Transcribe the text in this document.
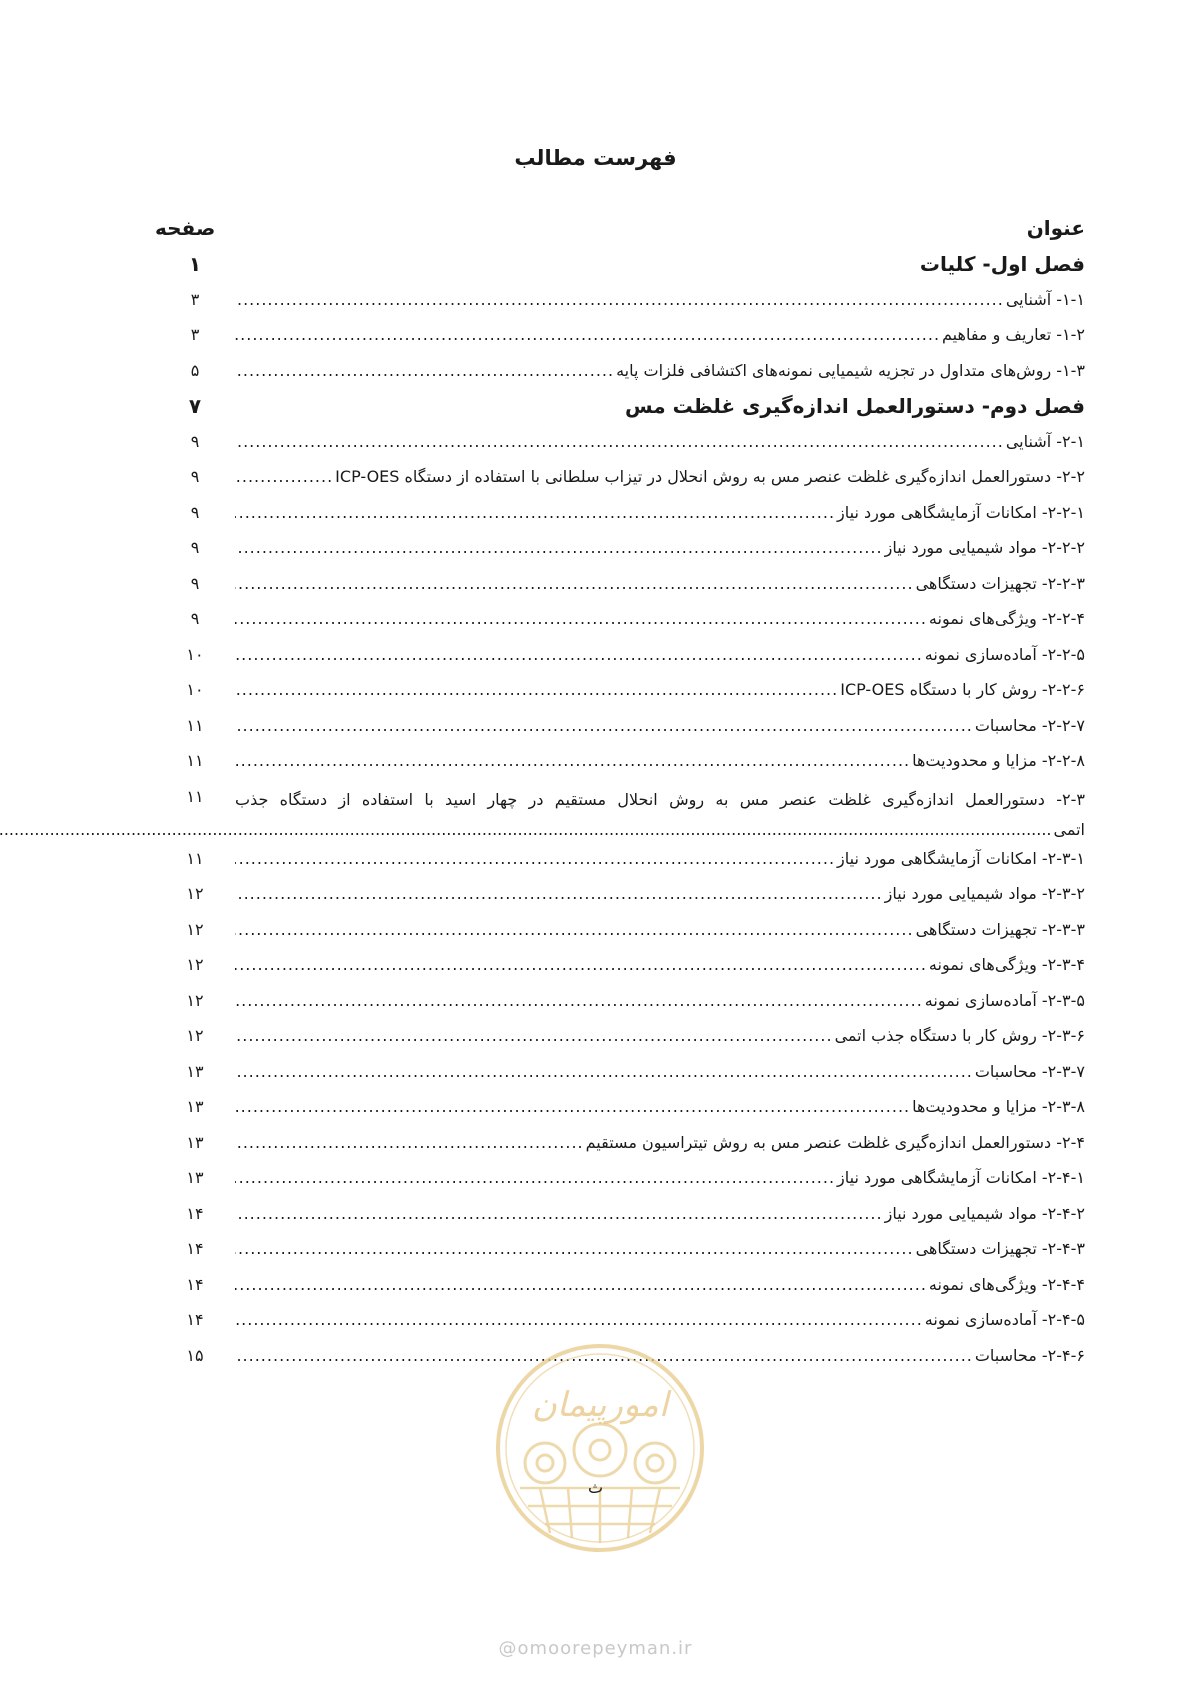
فهرست مطالب
عنوان
صفحه
فصل اول- کلیات
۱
۱-۱- آشنایی
.....
۳
۱-۲- تعاریف و مفاهیم
.....
۳
۱-۳- روش‌های متداول در تجزیه شیمیایی نمونه‌های اکتشافی فلزات پایه
.....
۵
فصل دوم- دستورالعمل اندازه‌گیری غلظت مس
۷
۲-۱- آشنایی
.....
۹
۲-۲- دستورالعمل اندازه‌گیری غلظت عنصر مس به روش انحلال در تیزاب سلطانی با استفاده از دستگاه ICP-OES
.....
۹
۲-۲-۱- امکانات آزمایشگاهی مورد نیاز
.....
۹
۲-۲-۲- مواد شیمیایی مورد نیاز
.....
۹
۲-۲-۳- تجهیزات دستگاهی
.....
۹
۲-۲-۴- ویژگی‌های نمونه
.....
۹
۲-۲-۵- آماده‌سازی نمونه
.....
۱۰
۲-۲-۶- روش کار با دستگاه ICP-OES
.....
۱۰
۲-۲-۷- محاسبات
.....
۱۱
۲-۲-۸- مزایا و محدودیت‌ها
.....
۱۱
۲-۳- دستورالعمل اندازه‌گیری غلظت عنصر مس به روش انحلال مستقیم در چهار اسید با استفاده از دستگاه جذب اتمی .....
۱۱
۲-۳-۱- امکانات آزمایشگاهی مورد نیاز
.....
۱۱
۲-۳-۲- مواد شیمیایی مورد نیاز
.....
۱۲
۲-۳-۳- تجهیزات دستگاهی
.....
۱۲
۲-۳-۴- ویژگی‌های نمونه
.....
۱۲
۲-۳-۵- آماده‌سازی نمونه
.....
۱۲
۲-۳-۶- روش کار با دستگاه جذب اتمی
.....
۱۲
۲-۳-۷- محاسبات
.....
۱۳
۲-۳-۸- مزایا و محدودیت‌ها
.....
۱۳
۲-۴- دستورالعمل اندازه‌گیری غلظت عنصر مس به روش تیتراسیون مستقیم
.....
۱۳
۲-۴-۱- امکانات آزمایشگاهی مورد نیاز
.....
۱۳
۲-۴-۲- مواد شیمیایی مورد نیاز
.....
۱۴
۲-۴-۳- تجهیزات دستگاهی
.....
۱۴
۲-۴-۴- ویژگی‌های نمونه
.....
۱۴
۲-۴-۵- آماده‌سازی نمونه
.....
۱۴
۲-۴-۶- محاسبات
.....
۱۵
امورپیمان
ث
@omoorepeyman.ir
